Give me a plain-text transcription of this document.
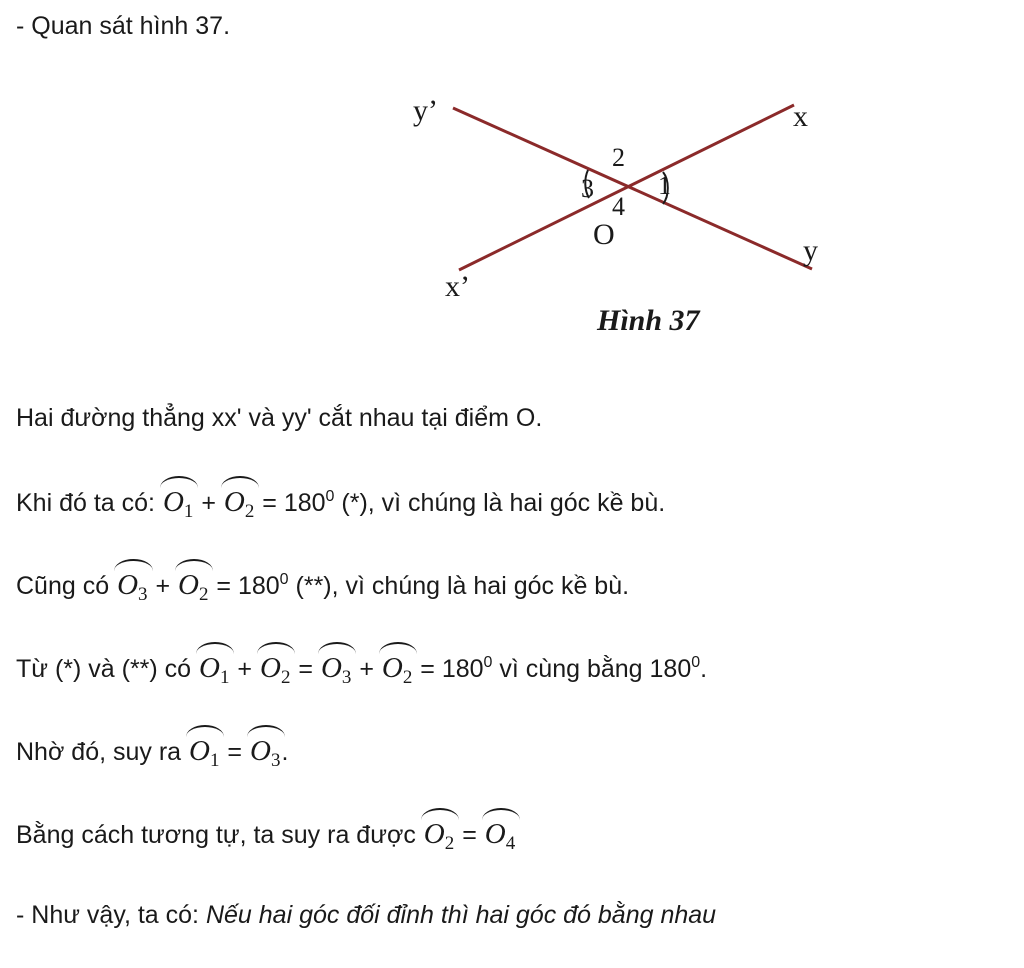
- Quan sát hình 37.
y’	x
x’
y
O
2
3 1
4
Hình 37
Hai đường thẳng xx' và yy' cắt nhau tại điểm O.
Khi đó ta có:
$O_1$ +
$O_2 = 180^0$ (*), vì chúng là hai góc kề bù.
Cũng có
$O_3$ +
$O_2 = 180^0$ (**), vì chúng là hai góc kề bù.
Từ (*) và (**) có
$O_1$ +
$O_2$ =
$O_3$ +
$O_2 = 180^0$ vì cùng bằng $180^0$.
Nhờ đó, suy ra
$O_1$ =
$O_3$.
Bằng cách tương tự, ta suy ra được
$O_2$ =
$O_4$
- Như vậy, ta có: Nếu hai góc đối đỉnh thì hai góc đó bằng nhau
